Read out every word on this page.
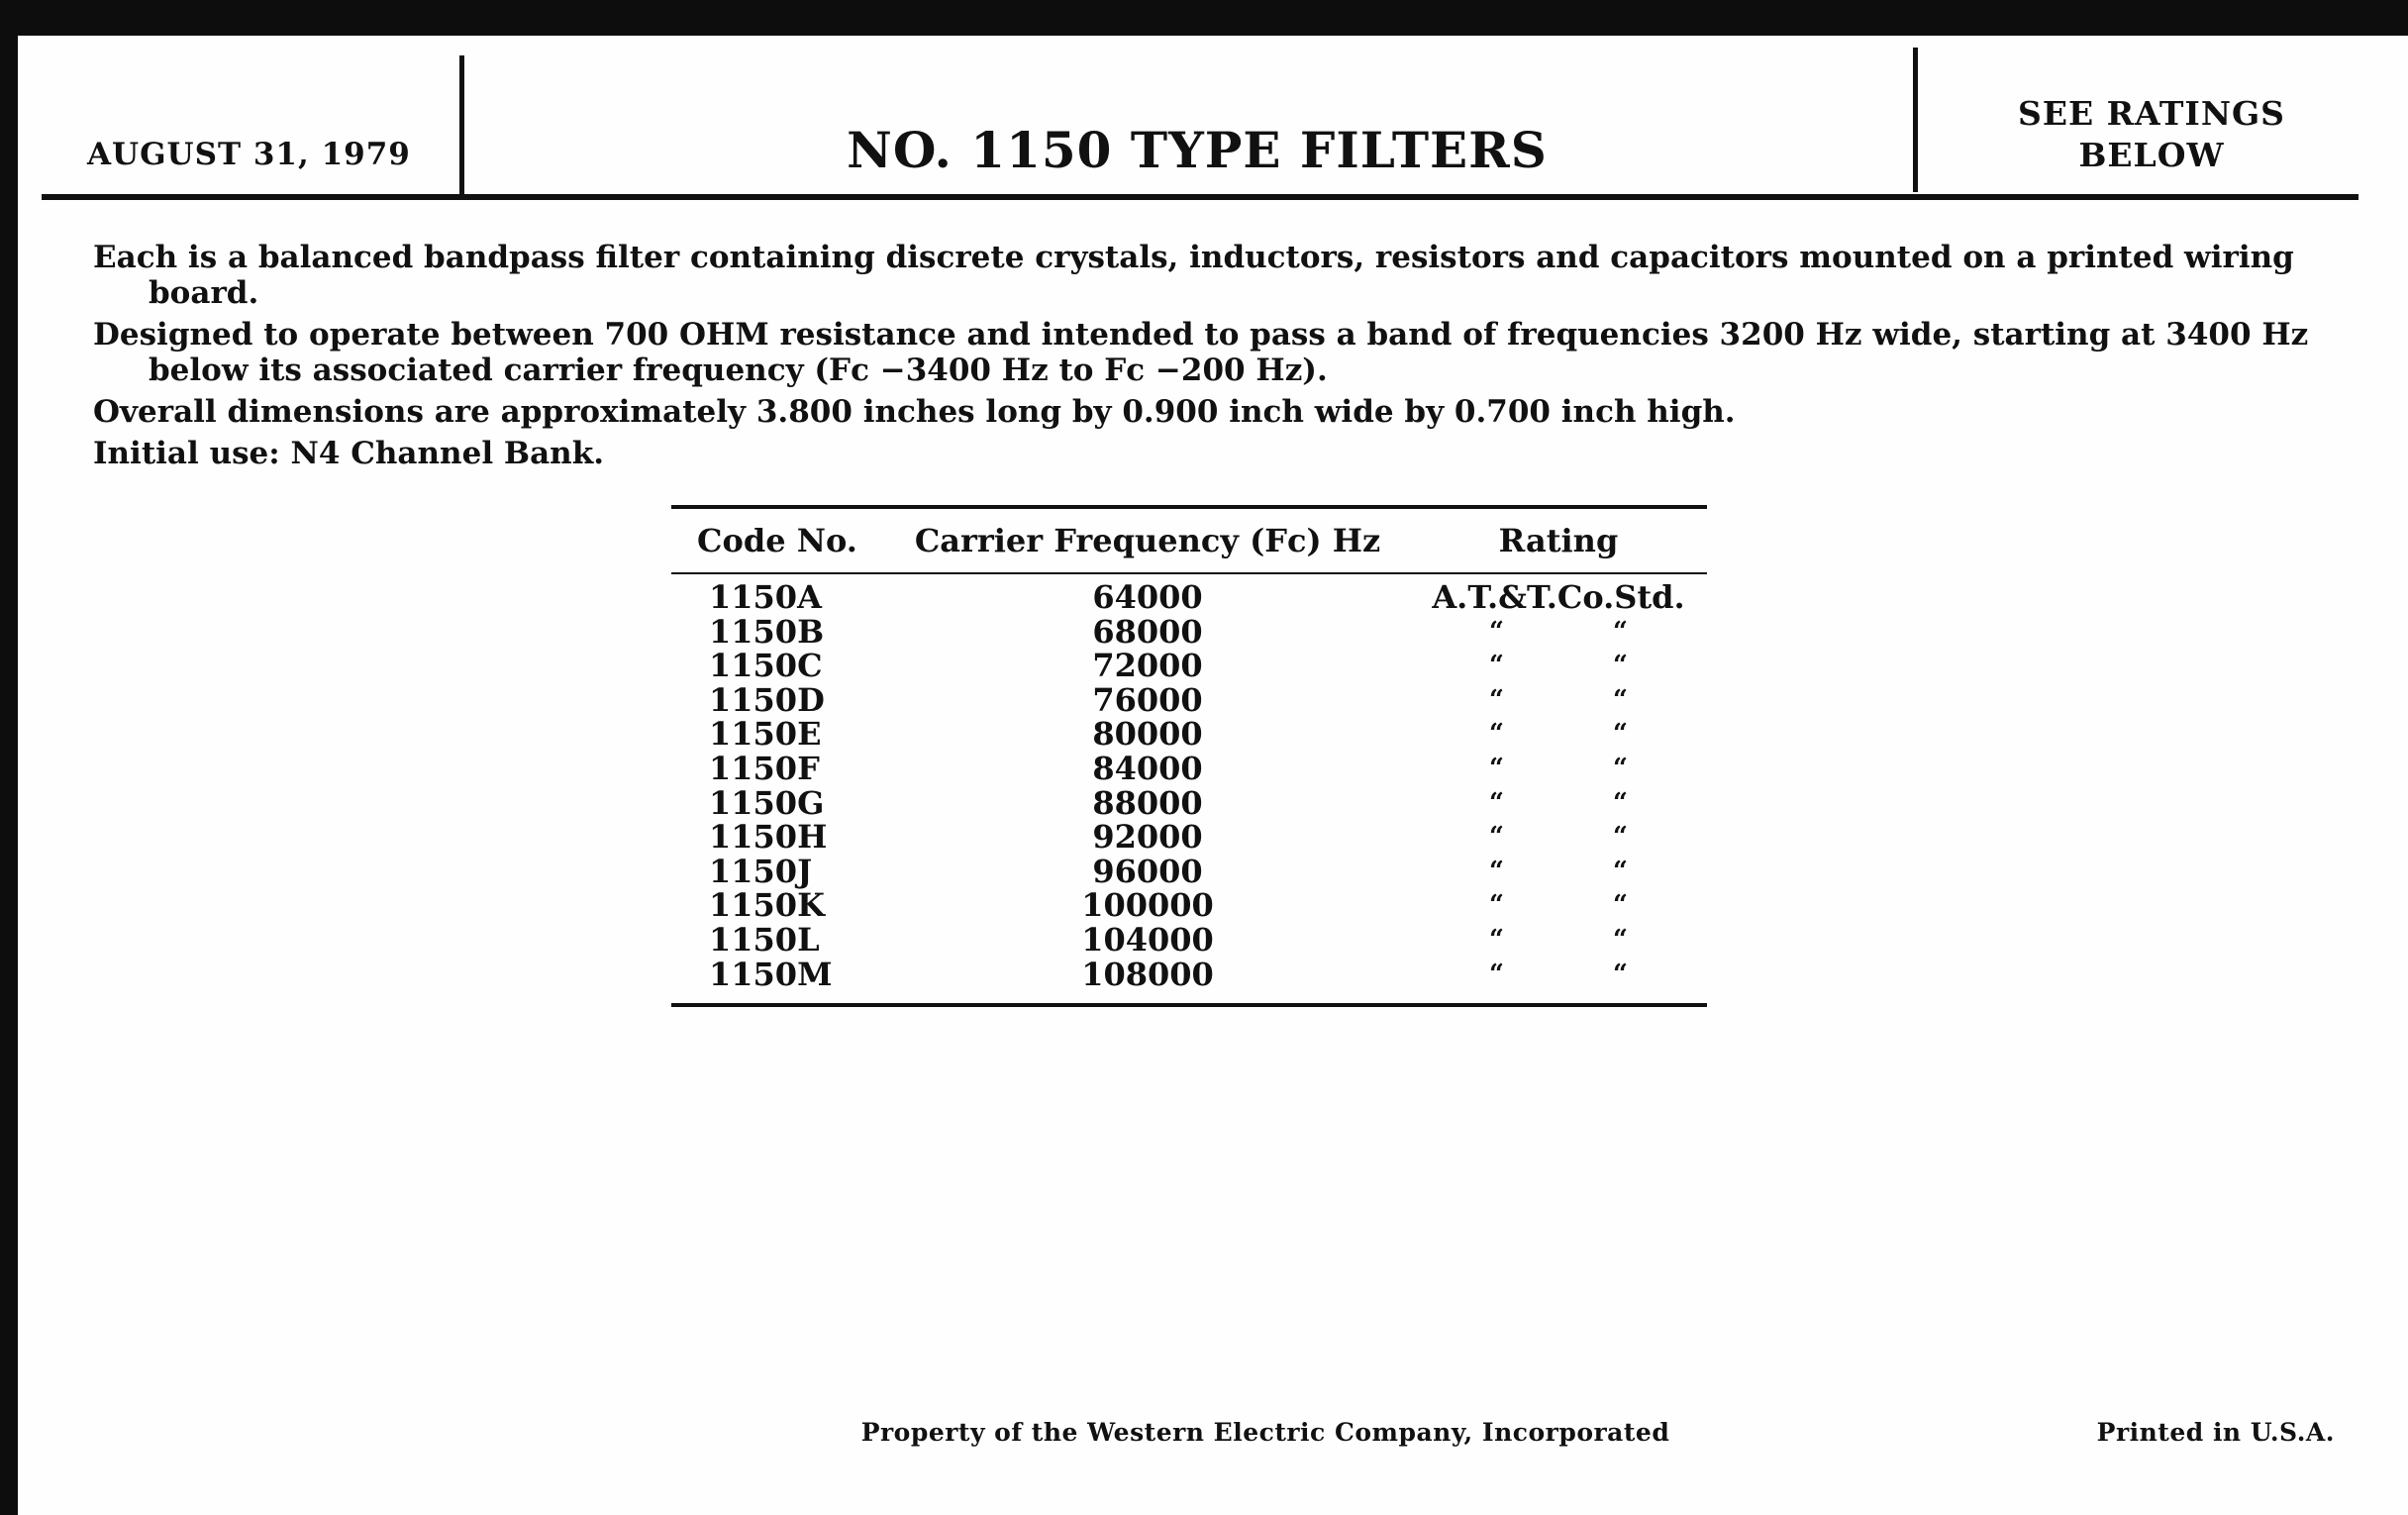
AUGUST 31, 1979	NO. 1150 TYPE FILTERS
SEE RATINGS
BELOW

Each is a balanced bandpass filter containing discrete crystals, inductors, resistors and capacitors mounted on a printed wiring board.

Designed to operate between 700 OHM resistance and intended to pass a band of frequencies 3200 Hz wide, starting at 3400 Hz below its associated carrier frequency (Fc −3400 Hz to Fc −200 Hz).

Overall dimensions are approximately 3.800 inches long by 0.900 inch wide by 0.700 inch high.

Initial use: N4 Channel Bank.

Code No.	Carrier Frequency (Fc) Hz	Rating
1150A	64000	A.T.&T.Co.Std.
1150B	68000	“	“
1150C	72000	“	“
1150D	76000	“	“
1150E	80000	“	“
1150F	84000	“	“
1150G	88000	“	“
1150H	92000	“	“
1150J	96000	“	“
1150K	100000	“	“
1150L	104000	“	“
1150M	108000	“	“
Property of the Western Electric Company, Incorporated	Printed in U.S.A.
